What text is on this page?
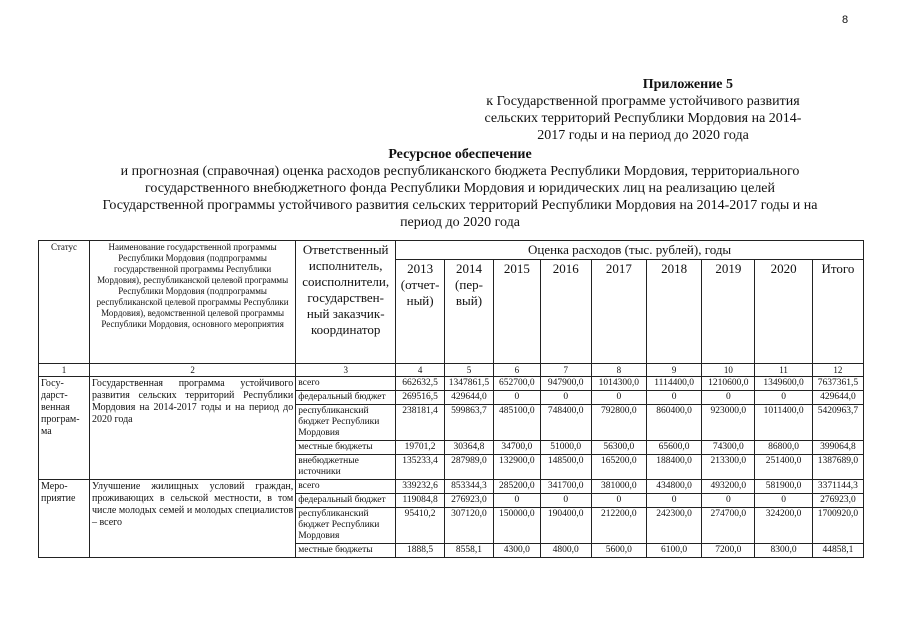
8
Приложение 5
к Государственной программе устойчивого развития
сельских территорий Республики Мордовия на 2014-
2017 годы и на период до 2020 года
Ресурсное обеспечение
и прогнозная (справочная) оценка расходов республиканского бюджета Республики Мордовия, территориального
государственного внебюджетного фонда Республики Мордовия и юридических лиц на реализацию целей
Государственной программы устойчивого развития сельских территорий Республики Мордовия на 2014-2017 годы и на
период до 2020 года
Статус	Наименование государственной программы Республики Мордовия (подпрограммы государственной программы Республики Мордовия), республиканской целевой программы Республики Мордовия (подпрограммы республиканской целевой программы Республики Мордовия), ведомственной целевой программы Республики Мордовия, основного мероприятия	Ответственный исполнитель, соисполнители, государствен-ный заказчик-координатор	Оценка расходов (тыс. рублей), годы								
			2013 (отчет-ный)	2014 (пер-вый)	2015	2016	2017	2018	2019	2020	Итого
1	2	3	4	5	6	7	8	9	10	11	12
Госу-дарст-венная програм-ма	Государственная программа устойчивого развития сельских территорий Республики Мордовия на 2014-2017 годы и на период до 2020 года	всего	662632,5	1347861,5	652700,0	947900,0	1014300,0	1114400,0	1210600,0	1349600,0	7637361,5
		федеральный бюджет	269516,5	429644,0	0	0	0	0	0	0	429644,0
		республиканский бюджет Республики Мордовия	238181,4	599863,7	485100,0	748400,0	792800,0	860400,0	923000,0	1011400,0	5420963,7
		местные бюджеты	19701,2	30364,8	34700,0	51000,0	56300,0	65600,0	74300,0	86800,0	399064,8
		внебюджетные источники	135233,4	287989,0	132900,0	148500,0	165200,0	188400,0	213300,0	251400,0	1387689,0
Меро-приятие	Улучшение жилищных условий граждан, проживающих в сельской местности, в том числе молодых семей и молодых специалистов – всего	всего	339232,6	853344,3	285200,0	341700,0	381000,0	434800,0	493200,0	581900,0	3371144,3
		федеральный бюджет	119084,8	276923,0	0	0	0	0	0	0	276923,0
		республиканский бюджет Республики Мордовия	95410,2	307120,0	150000,0	190400,0	212200,0	242300,0	274700,0	324200,0	1700920,0
		местные бюджеты	1888,5	8558,1	4300,0	4800,0	5600,0	6100,0	7200,0	8300,0	44858,1
